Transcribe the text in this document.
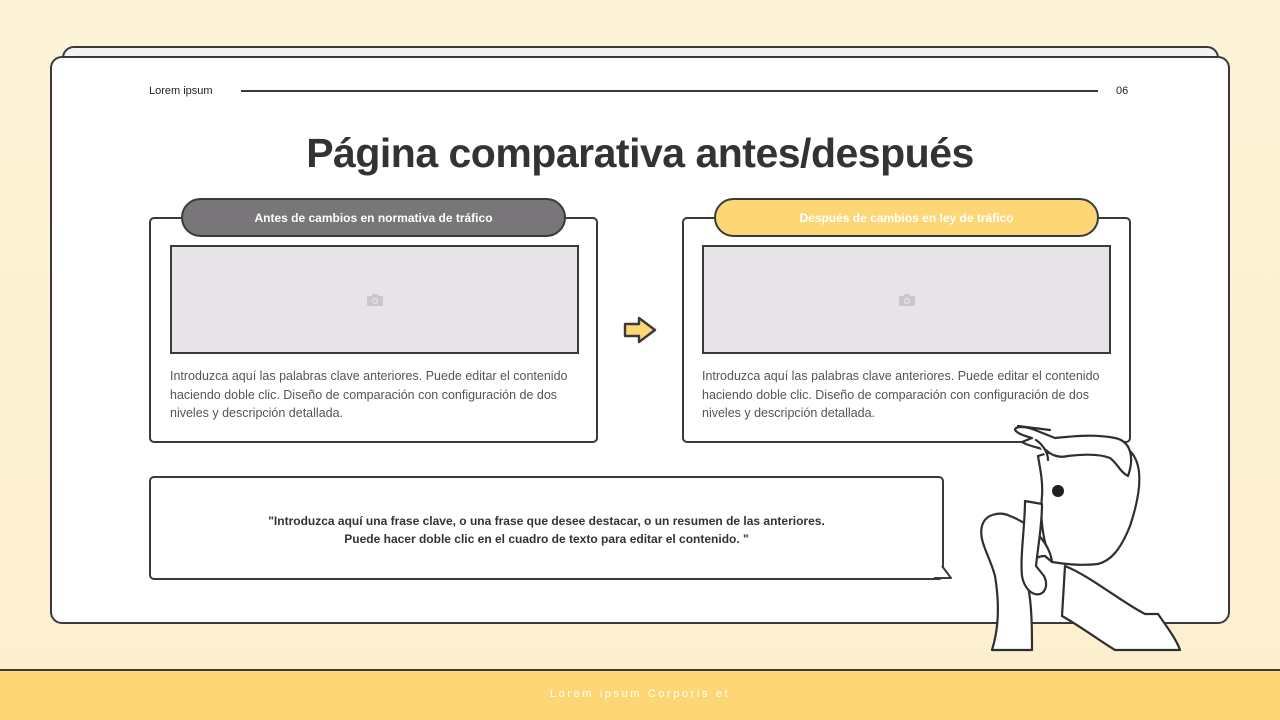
Lorem ipsum	06
Página comparativa antes/después
Antes de cambios en normativa de tráfico

Introduzca aquí las palabras clave anteriores. Puede editar el contenido haciendo doble clic. Diseño de comparación con configuración de dos niveles y descripción detallada.

Después de cambios en ley de tráfico

Introduzca aquí las palabras clave anteriores. Puede editar el contenido haciendo doble clic. Diseño de comparación con configuración de dos niveles y descripción detallada.

"Introduzca aquí una frase clave, o una frase que desee destacar, o un resumen de las anteriores.
Puede hacer doble clic en el cuadro de texto para editar el contenido. "
Lorem ipsum Corporis et
